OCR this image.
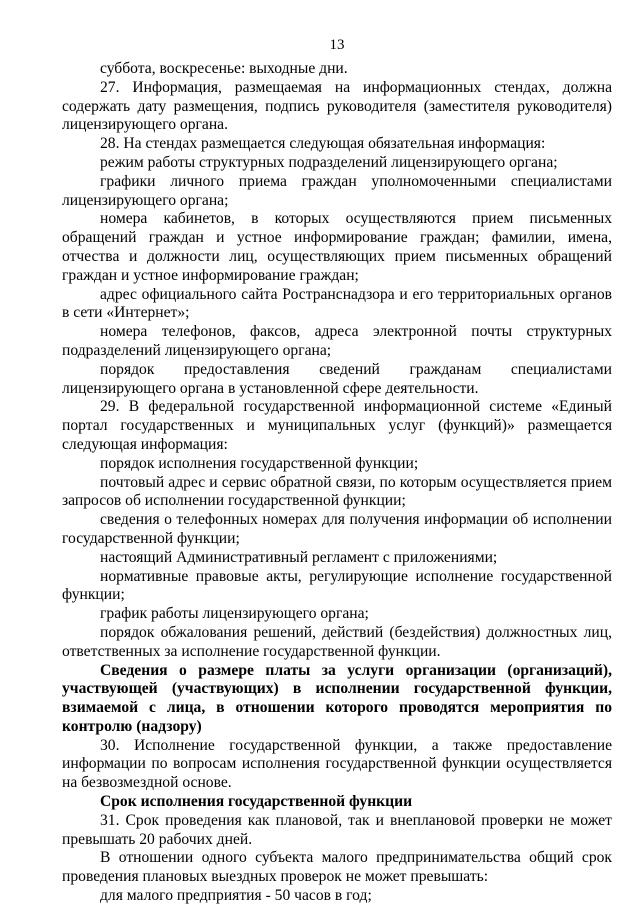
13

суббота, воскресенье: выходные дни.

27. Информация, размещаемая на информационных стендах, должна содержать дату размещения, подпись руководителя (заместителя руководителя) лицензирующего органа.

28. На стендах размещается следующая обязательная информация:

режим работы структурных подразделений лицензирующего органа;

графики личного приема граждан уполномоченными специалистами лицензирующего органа;

номера кабинетов, в которых осуществляются прием письменных обращений граждан и устное информирование граждан; фамилии, имена, отчества и должности лиц, осуществляющих прием письменных обращений граждан и устное информирование граждан;

адрес официального сайта Ространснадзора и его территориальных органов в сети «Интернет»;

номера телефонов, факсов, адреса электронной почты структурных подразделений лицензирующего органа;

порядок предоставления сведений гражданам специалистами лицензирующего органа в установленной сфере деятельности.

29. В федеральной государственной информационной системе «Единый портал государственных и муниципальных услуг (функций)» размещается следующая информация:

порядок исполнения государственной функции;

почтовый адрес и сервис обратной связи, по которым осуществляется прием запросов об исполнении государственной функции;

сведения о телефонных номерах для получения информации об исполнении государственной функции;

настоящий Административный регламент с приложениями;

нормативные правовые акты, регулирующие исполнение государственной функции;

график работы лицензирующего органа;

порядок обжалования решений, действий (бездействия) должностных лиц, ответственных за исполнение государственной функции.

Сведения о размере платы за услуги организации (организаций), участвующей (участвующих) в исполнении государственной функции, взимаемой с лица, в отношении которого проводятся мероприятия по контролю (надзору)

30. Исполнение государственной функции, а также предоставление информации по вопросам исполнения государственной функции осуществляется на безвозмездной основе.

Срок исполнения государственной функции

31. Срок проведения как плановой, так и внеплановой проверки не может превышать 20 рабочих дней.

В отношении одного субъекта малого предпринимательства общий срок проведения плановых выездных проверок не может превышать:

для малого предприятия - 50 часов в год;
